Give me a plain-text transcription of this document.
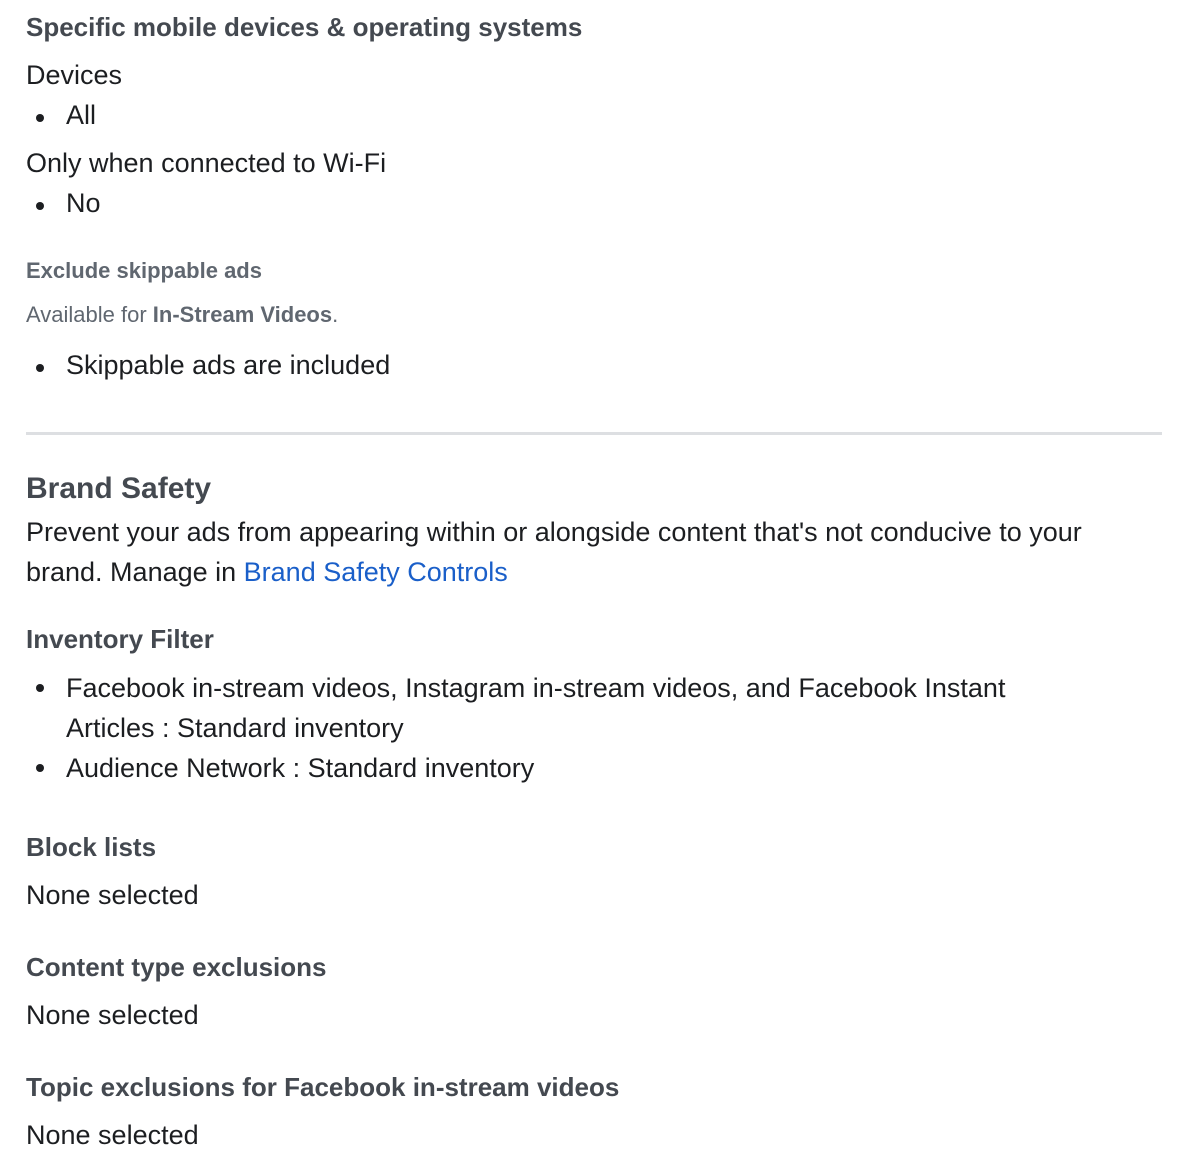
Specific mobile devices & operating systems
Devices
All
Only when connected to Wi-Fi
No
Exclude skippable ads
Available for In-Stream Videos.
Skippable ads are included
Brand Safety
Prevent your ads from appearing within or alongside content that's not conducive to your brand. Manage in Brand Safety Controls
Inventory Filter
Facebook in-stream videos, Instagram in-stream videos, and Facebook Instant Articles : Standard inventory
Audience Network : Standard inventory
Block lists
None selected
Content type exclusions
None selected
Topic exclusions for Facebook in-stream videos
None selected
